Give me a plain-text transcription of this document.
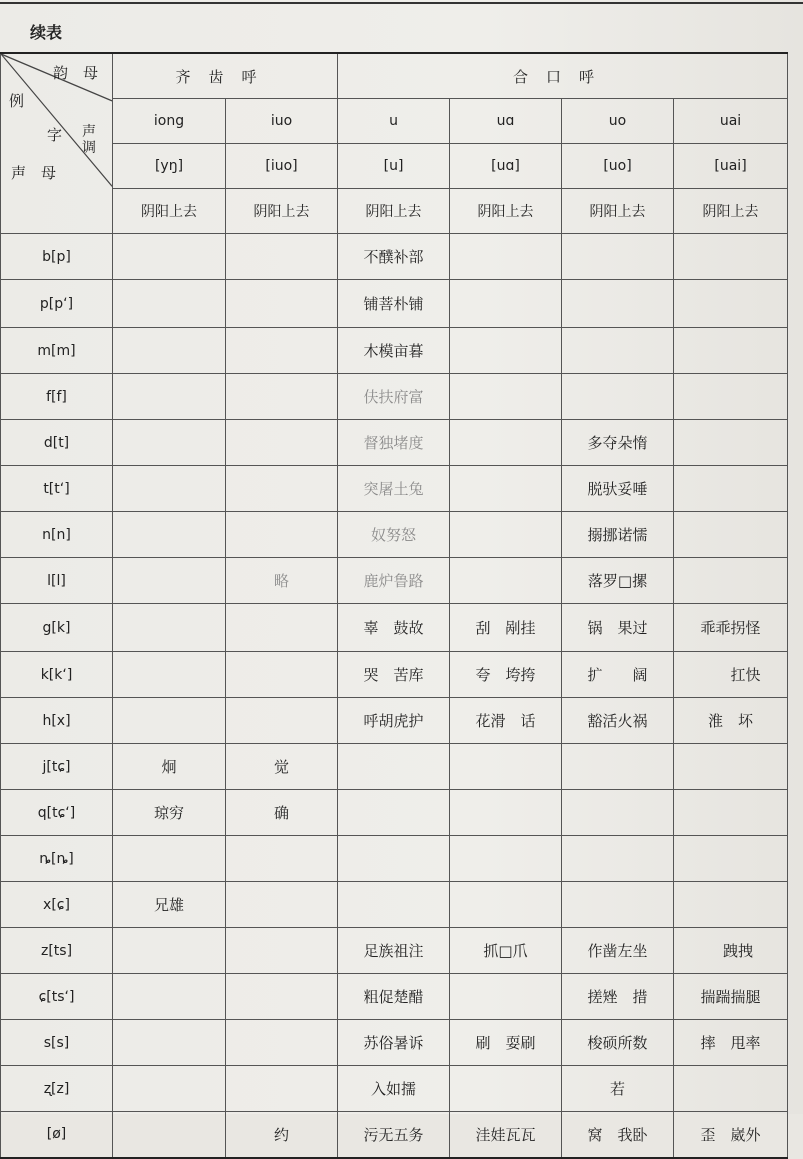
续表
韵　母
例
字 声调
声　母	齐齿呼		合口呼			
	iong	iuo	u	uɑ	uo	uai
	[yŋ]	[iuo]	[u]	[uɑ]	[uo]	[uai]
	阴阳上去	阴阳上去	阴阳上去	阴阳上去	阴阳上去	阴阳上去
b[p]			不醭补部			
p[p‘]			铺菩朴铺			
m[m]			木模亩暮			
f[f]			伕扶府富			
d[t]			督独堵度		多夺朵惰	
t[t‘]			突屠土兔		脱驮妥唾	
n[n]			奴努怒		搦挪诺懦	
l[l]		略	鹿炉鲁路		落罗□摞	
g[k]			辜　鼓故	刮　剐挂	锅　果过	乖乖拐怪
k[k‘]			哭　苦库	夸　垮挎	扩　　阔	　　扛快
h[x]			呼胡虎护	花滑　话	豁活火祸	淮　坏
j[tɕ]	炯	觉				
q[tɕ‘]	琼穷	确				
ȵ[ȵ]						
x[ɕ]	兄雄					
z[ts]			足族祖注	抓□爪	作凿左坐	　跩拽
ɕ[ts‘]			粗促楚醋		搓矬　措	揣踹揣腿
s[s]			苏俗暑诉	刷　耍刷	梭硕所数	摔　甩率
ʐ[z]			入如擩		若	
[ø]		约	污无五务	洼娃瓦瓦	窝　我卧	歪　崴外
